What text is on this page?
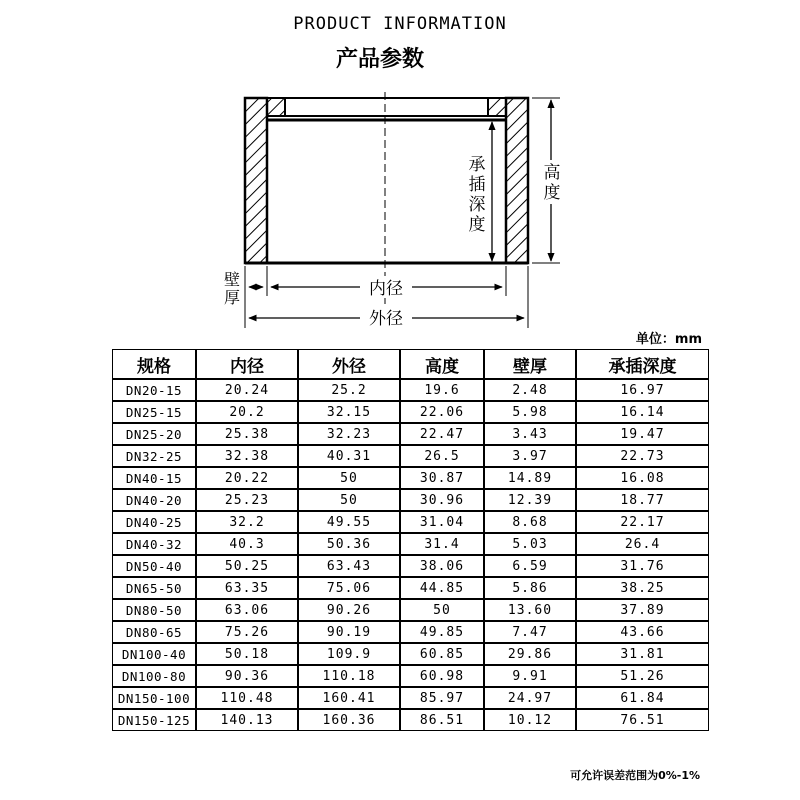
PRODUCT INFORMATION
产品参数
承
插
深
度
高
度
壁
厚	内径
外径
单位：mm
规格	内径	外径	高度	壁厚	承插深度
DN20-15	20.24	25.2	19.6	2.48	16.97
DN25-15	20.2	32.15	22.06	5.98	16.14
DN25-20	25.38	32.23	22.47	3.43	19.47
DN32-25	32.38	40.31	26.5	3.97	22.73
DN40-15	20.22	50	30.87	14.89	16.08
DN40-20	25.23	50	30.96	12.39	18.77
DN40-25	32.2	49.55	31.04	8.68	22.17
DN40-32	40.3	50.36	31.4	5.03	26.4
DN50-40	50.25	63.43	38.06	6.59	31.76
DN65-50	63.35	75.06	44.85	5.86	38.25
DN80-50	63.06	90.26	50	13.60	37.89
DN80-65	75.26	90.19	49.85	7.47	43.66
DN100-40	50.18	109.9	60.85	29.86	31.81
DN100-80	90.36	110.18	60.98	9.91	51.26
DN150-100	110.48	160.41	85.97	24.97	61.84
DN150-125	140.13	160.36	86.51	10.12	76.51
可允许误差范围为0%-1%
